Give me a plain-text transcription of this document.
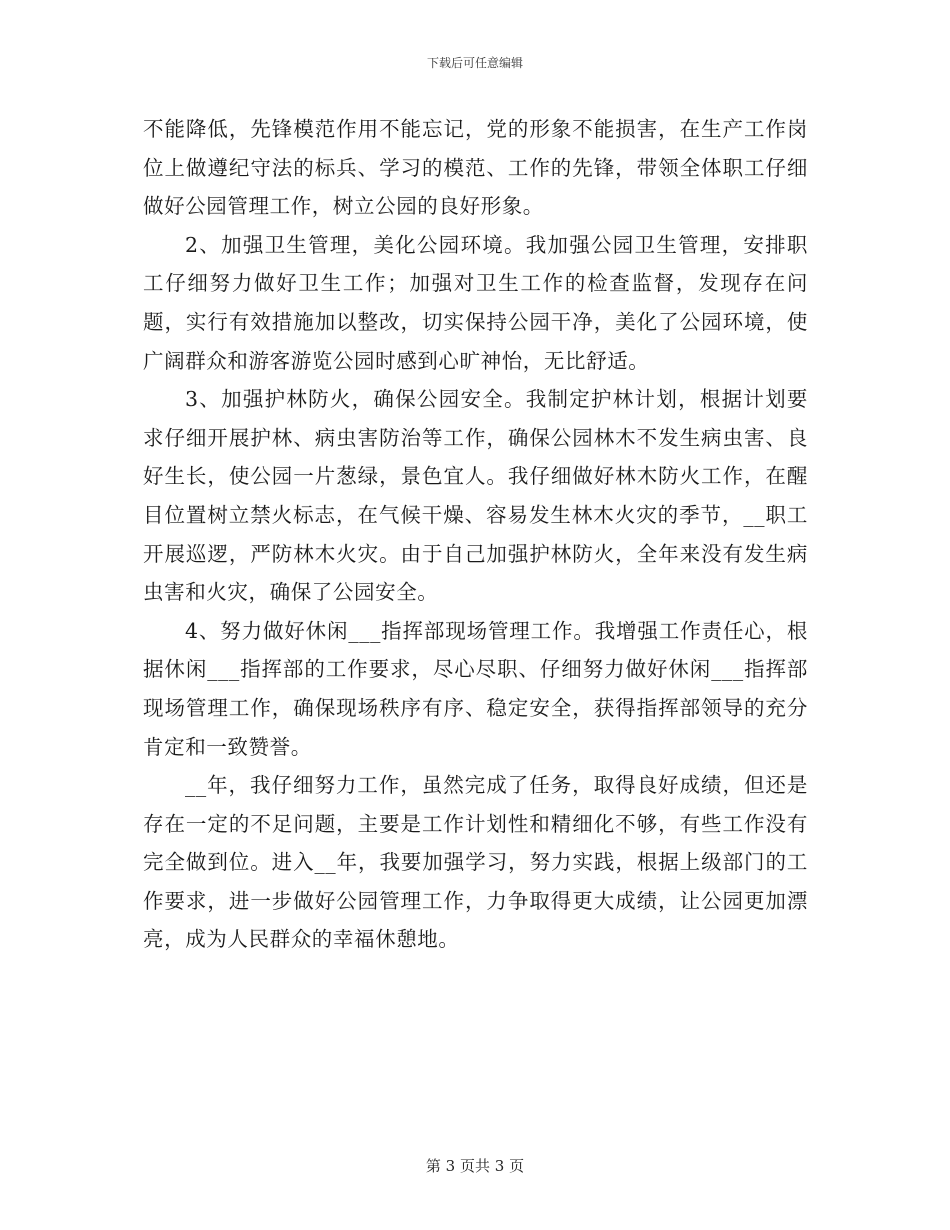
下载后可任意编辑

不能降低，先锋模范作用不能忘记，党的形象不能损害，在生产工作岗位上做遵纪守法的标兵、学习的模范、工作的先锋，带领全体职工仔细做好公园管理工作，树立公园的良好形象。

2、加强卫生管理，美化公园环境。我加强公园卫生管理，安排职工仔细努力做好卫生工作；加强对卫生工作的检查监督，发现存在问题，实行有效措施加以整改，切实保持公园干净，美化了公园环境，使广阔群众和游客游览公园时感到心旷神怡，无比舒适。

3、加强护林防火，确保公园安全。我制定护林计划，根据计划要求仔细开展护林、病虫害防治等工作，确保公园林木不发生病虫害、良好生长，使公园一片葱绿，景色宜人。我仔细做好林木防火工作，在醒目位置树立禁火标志，在气候干燥、容易发生林木火灾的季节，__职工开展巡逻，严防林木火灾。由于自己加强护林防火，全年来没有发生病虫害和火灾，确保了公园安全。

4、努力做好休闲___指挥部现场管理工作。我增强工作责任心，根据休闲___指挥部的工作要求，尽心尽职、仔细努力做好休闲___指挥部现场管理工作，确保现场秩序有序、稳定安全，获得指挥部领导的充分肯定和一致赞誉。

__年，我仔细努力工作，虽然完成了任务，取得良好成绩，但还是存在一定的不足问题，主要是工作计划性和精细化不够，有些工作没有完全做到位。进入__年，我要加强学习，努力实践，根据上级部门的工作要求，进一步做好公园管理工作，力争取得更大成绩，让公园更加漂亮，成为人民群众的幸福休憩地。

第 3 页共 3 页
